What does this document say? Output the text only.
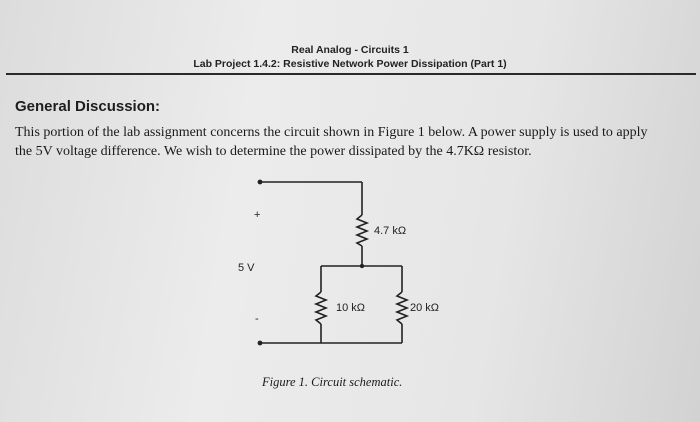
Real Analog - Circuits 1
Lab Project 1.4.2: Resistive Network Power Dissipation (Part 1)
General Discussion:
This portion of the lab assignment concerns the circuit shown in Figure 1 below. A power supply is used to apply
the 5V voltage difference. We wish to determine the power dissipated by the 4.7KΩ resistor.
+
5 V
-
4.7 kΩ
10 kΩ	20 kΩ
Figure 1. Circuit schematic.
